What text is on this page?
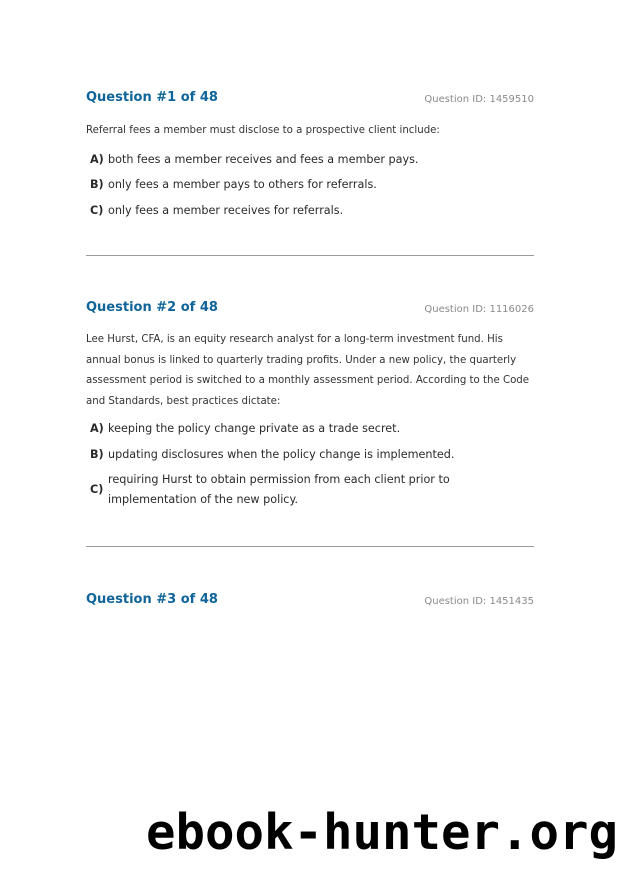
Question #1 of 48	Question ID: 1459510
Referral fees a member must disclose to a prospective client include:
A) both fees a member receives and fees a member pays.
B) only fees a member pays to others for referrals.
C) only fees a member receives for referrals.
Question #2 of 48	Question ID: 1116026
Lee Hurst, CFA, is an equity research analyst for a long-term investment fund. His annual bonus is linked to quarterly trading profits. Under a new policy, the quarterly assessment period is switched to a monthly assessment period. According to the Code and Standards, best practices dictate:
A) keeping the policy change private as a trade secret.
B) updating disclosures when the policy change is implemented.
C)
requiring Hurst to obtain permission from each client prior to implementation of the new policy.
Question #3 of 48	Question ID: 1451435
ebook-hunter.org
